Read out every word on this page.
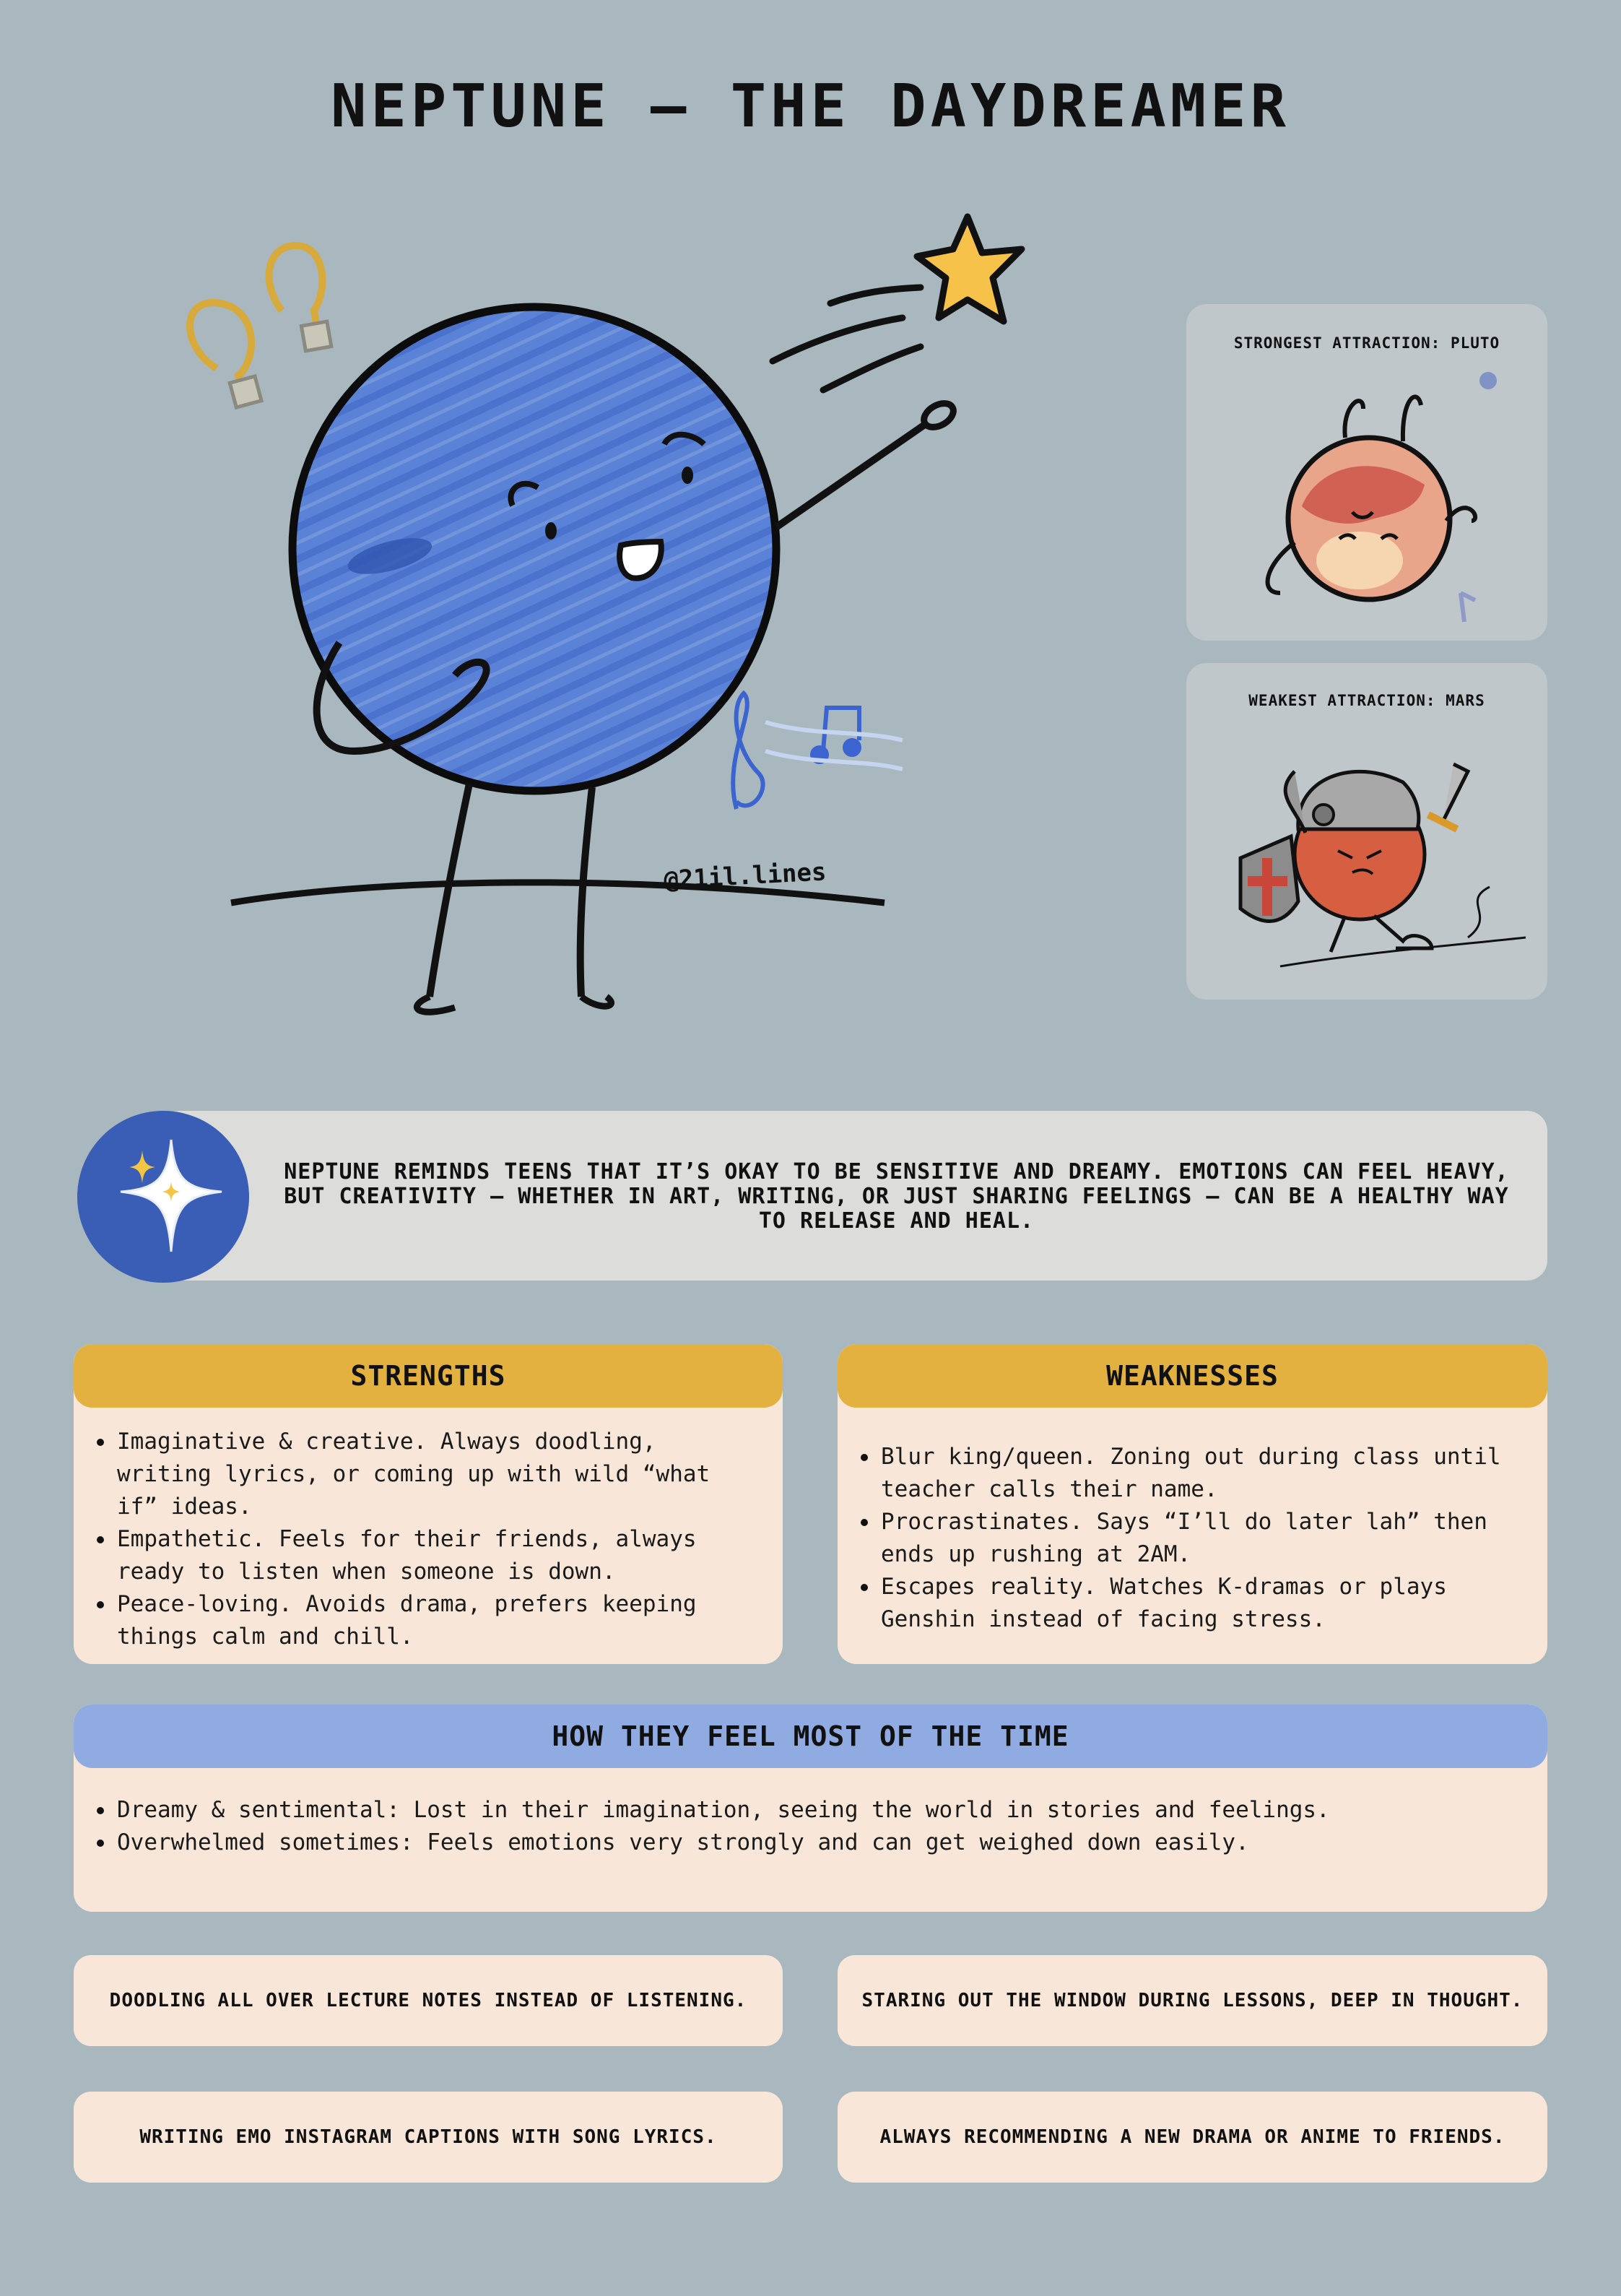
NEPTUNE – THE DAYDREAMER
@21il.lines
STRONGEST ATTRACTION: PLUTO
WEAKEST ATTRACTION: MARS
NEPTUNE REMINDS TEENS THAT IT’S OKAY TO BE SENSITIVE AND DREAMY. EMOTIONS CAN FEEL HEAVY, BUT CREATIVITY — WHETHER IN ART, WRITING, OR JUST SHARING FEELINGS — CAN BE A HEALTHY WAY TO RELEASE AND HEAL.
STRENGTHS
Imaginative & creative. Always doodling, writing lyrics, or coming up with wild “what if” ideas.
Empathetic. Feels for their friends, always ready to listen when someone is down.
Peace-loving. Avoids drama, prefers keeping things calm and chill.
WEAKNESSES
Blur king/queen. Zoning out during class until teacher calls their name.
Procrastinates. Says “I’ll do later lah” then ends up rushing at 2AM.
Escapes reality. Watches K-dramas or plays Genshin instead of facing stress.
HOW THEY FEEL MOST OF THE TIME
Dreamy & sentimental: Lost in their imagination, seeing the world in stories and feelings.
Overwhelmed sometimes: Feels emotions very strongly and can get weighed down easily.
DOODLING ALL OVER LECTURE NOTES INSTEAD OF LISTENING.	STARING OUT THE WINDOW DURING LESSONS, DEEP IN THOUGHT.
WRITING EMO INSTAGRAM CAPTIONS WITH SONG LYRICS.	ALWAYS RECOMMENDING A NEW DRAMA OR ANIME TO FRIENDS.
